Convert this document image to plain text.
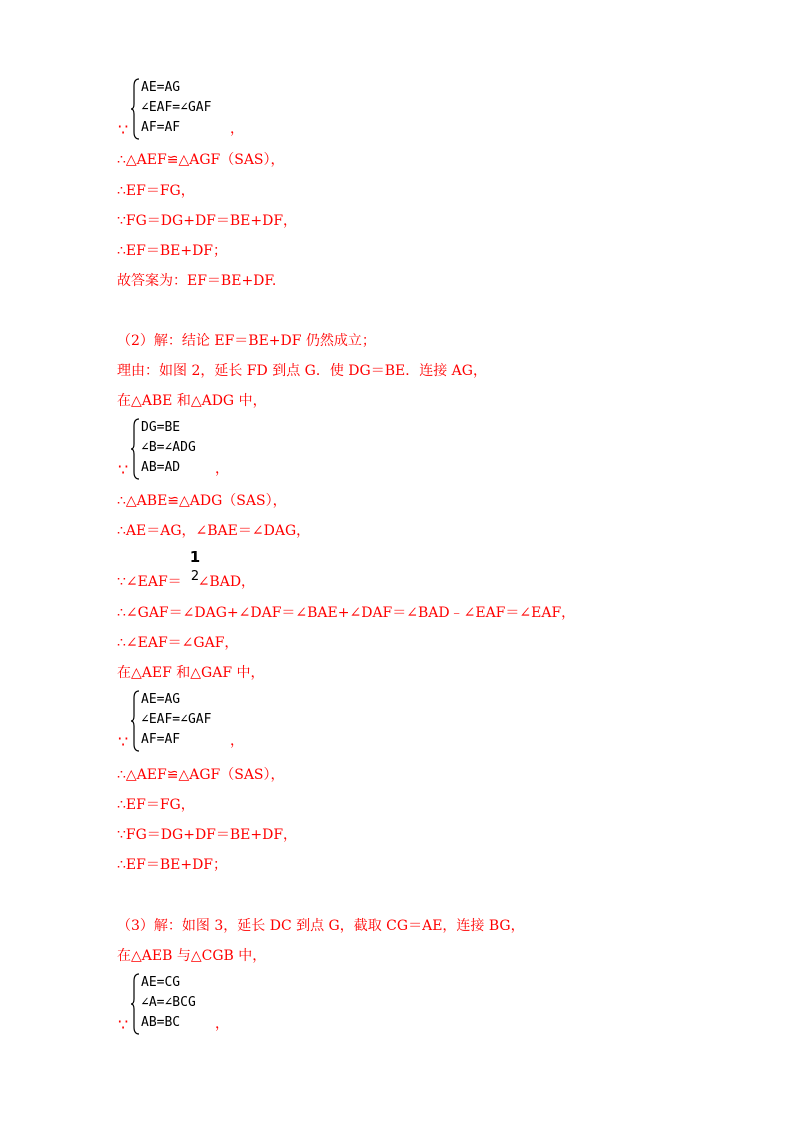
∵
AE=AG
∠EAF=∠GAF
AF=AF	，
∴△AEF≌△AGF（SAS），
∴EF＝FG，
∵FG＝DG+DF＝BE+DF，
∴EF＝BE+DF；
故答案为：EF＝BE+DF.
（2）解：结论 EF＝BE+DF 仍然成立；
理由：如图 2，延长 FD 到点 G．使 DG＝BE．连接 AG，
在△ABE 和△ADG 中，
∵
DG=BE
∠B=∠ADG
AB=AD ，
∴△ABE≌△ADG（SAS），
∴AE＝AG，∠BAE＝∠DAG，
∵∠EAF＝ ∠BAD，
1
2
∴∠GAF＝∠DAG+∠DAF＝∠BAE+∠DAF＝∠BAD﹣∠EAF＝∠EAF，
∴∠EAF＝∠GAF，
在△AEF 和△GAF 中，
∵
AE=AG
∠EAF=∠GAF
AF=AF	，
∴△AEF≌△AGF（SAS），
∴EF＝FG，
∵FG＝DG+DF＝BE+DF，
∴EF＝BE+DF；
（3）解：如图 3，延长 DC 到点 G，截取 CG＝AE，连接 BG，
在△AEB 与△CGB 中，
∵
AE=CG
∠A=∠BCG
AB=BC ，
